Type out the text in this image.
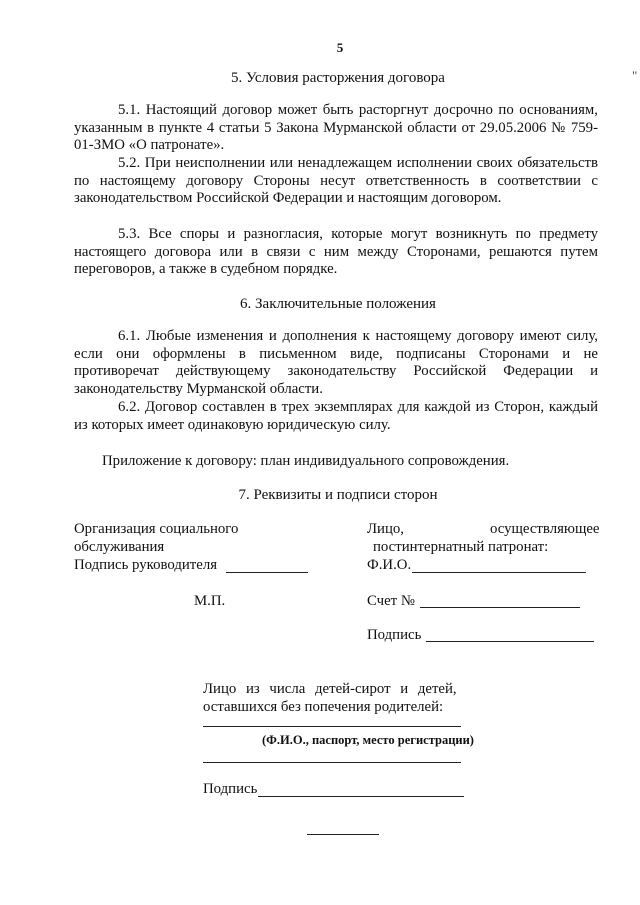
5
"
5. Условия расторжения договора
5.1. Настоящий договор может быть расторгнут досрочно по основаниям, указанным в пункте 4 статьи 5 Закона Мурманской области от 29.05.2006 № 759-01-ЗМО «О патронате».
5.2. При неисполнении или ненадлежащем исполнении своих обязательств по настоящему договору Стороны несут ответственность в соответствии с законодательством Российской Федерации и настоящим договором.
5.3. Все споры и разногласия, которые могут возникнуть по предмету настоящего договора или в связи с ним между Сторонами, решаются путем переговоров, а также в судебном порядке.
6. Заключительные положения
6.1. Любые изменения и дополнения к настоящему договору имеют силу, если они оформлены в письменном виде, подписаны Сторонами и не противоречат действующему законодательству Российской Федерации и законодательству Мурманской области.
6.2. Договор составлен в трех экземплярах для каждой из Сторон, каждый из которых имеет одинаковую юридическую силу.
Приложение к договору: план индивидуального сопровождения.
7. Реквизиты и подписи сторон
Организация социального
обслуживания
Подпись руководителя
М.П.
Лицо,	осуществляющее
постинтернатный патронат:
Ф.И.О.
Счет №
Подпись
Лицо из числа детей-сирот и детей,
оставшихся без попечения родителей:
(Ф.И.О., паспорт, место регистрации)
Подпись
